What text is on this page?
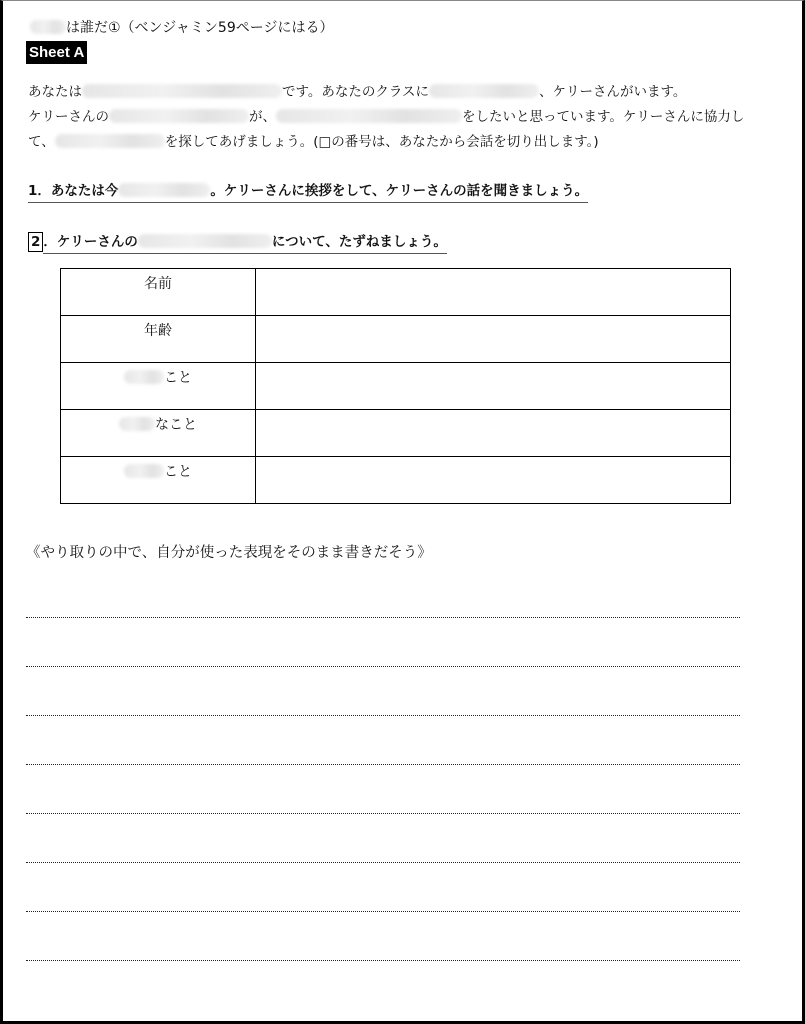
は誰だ①（ベンジャミン59ページにはる）
Sheet A
あなたは	です。あなたのクラスに	、ケリーさんがいます。
ケリーさんの	が、	をしたいと思っています。ケリーさんに協力し
て、	を探してあげましょう。(□の番号は、あなたから会話を切り出します。)
1．あなたは今	。ケリーさんに挨拶をして、ケリーさんの話を聞きましょう。
2 ．ケリーさんの	について、たずねましょう。
名前	
年齢	
こと	
なこと	
こと	
《やり取りの中で、自分が使った表現をそのまま書きだそう》
